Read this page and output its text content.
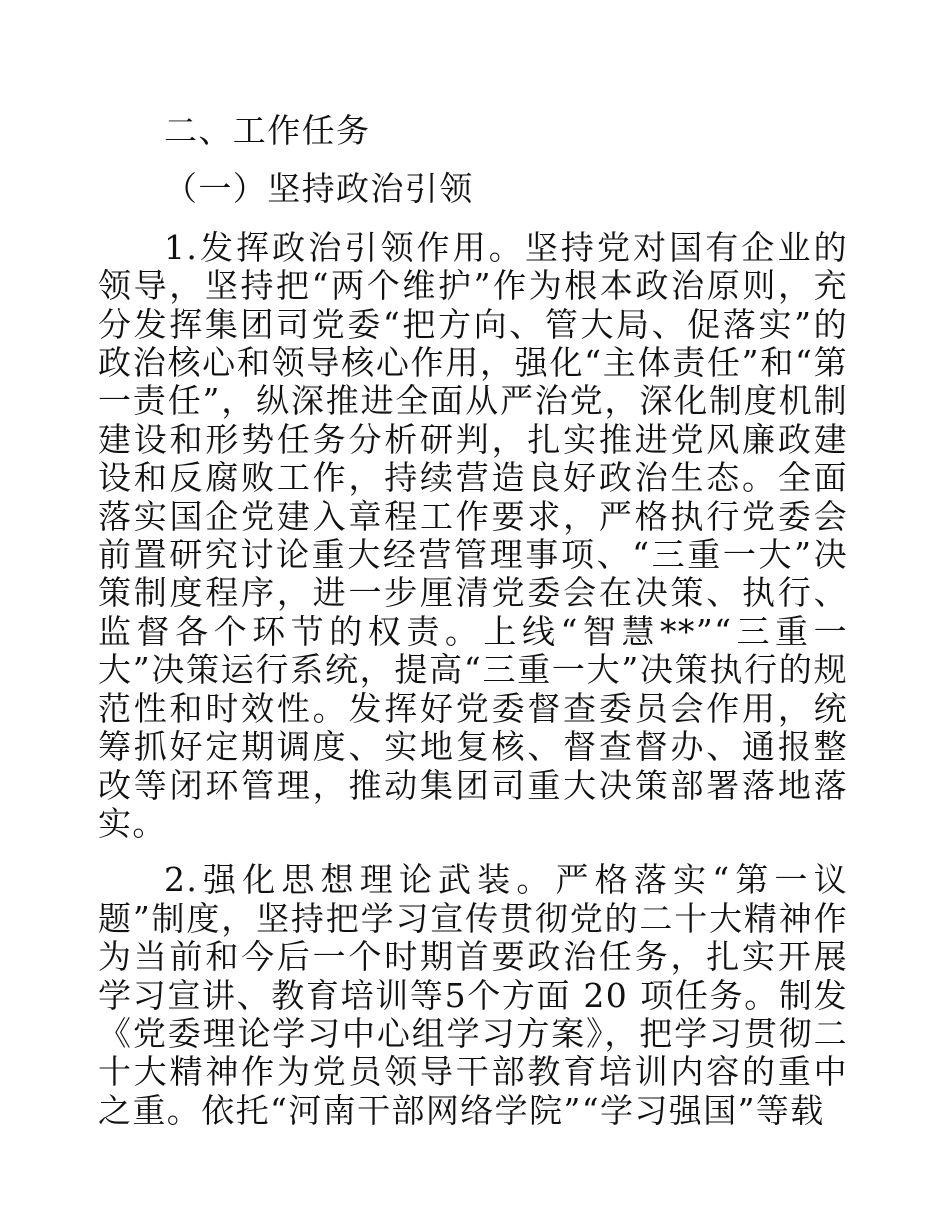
二、工作任务

（一）坚持政治引领

1.发挥政治引领作用。坚持党对国有企业的领导，坚持把“两个维护”作为根本政治原则，充分发挥集团司党委“把方向、管大局、促落实”的政治核心和领导核心作用，强化“主体责任”和“第一责任”，纵深推进全面从严治党，深化制度机制建设和形势任务分析研判，扎实推进党风廉政建设和反腐败工作，持续营造良好政治生态。全面落实国企党建入章程工作要求，严格执行党委会前置研究讨论重大经营管理事项、“三重一大”决策制度程序，进一步厘清党委会在决策、执行、监督各个环节的权责。上线“智慧**”“三重一大”决策运行系统，提高“三重一大”决策执行的规范性和时效性。发挥好党委督查委员会作用，统筹抓好定期调度、实地复核、督查督办、通报整改等闭环管理，推动集团司重大决策部署落地落实。

2.强化思想理论武装。严格落实“第一议题”制度，坚持把学习宣传贯彻党的二十大精神作为当前和今后一个时期首要政治任务，扎实开展学习宣讲、教育培训等5个方面 20 项任务。制发《党委理论学习中心组学习方案》，把学习贯彻二十大精神作为党员领导干部教育培训内容的重中之重。依托“河南干部网络学院”“学习强国”等载
